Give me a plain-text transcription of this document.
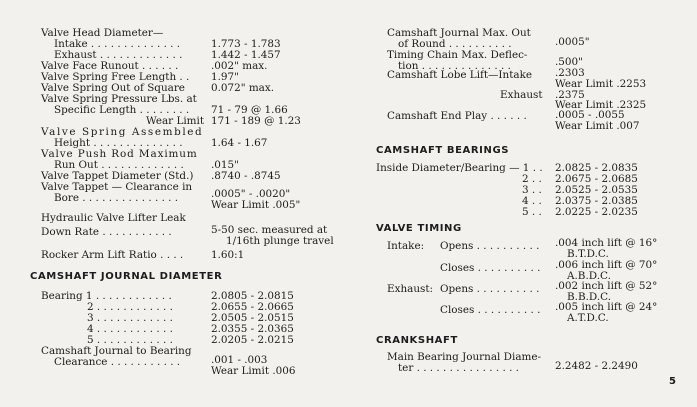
Valve Head Diameter—
Intake . . . . . . . . . . . . . .	1.773 - 1.783
Exhaust . . . . . . . . . . . . .	1.442 - 1.457
Valve Face Runout . . . . . .	.002" max.
Valve Spring Free Length . . 1.97"
Valve Spring Out of Square	0.072" max.
Valve Spring Pressure Lbs. at
Specific Length . . . . . . . . 71 - 79 @ 1.66
Wear Limit 171 - 189 @ 1.23
Valve Spring Assembled
Height . . . . . . . . . . . . . .	1.64 - 1.67
Valve Push Rod Maximum
Run Out . . . . . . . . . . . . .	.015"
Valve Tappet Diameter (Std.) .8740 - .8745
Valve Tappet — Clearance in
Bore . . . . . . . . . . . . . . .	.0005" - .0020"
Wear Limit .005"
Hydraulic Valve Lifter Leak
Down Rate . . . . . . . . . . .	5-50 sec. measured at
1/16th plunge travel
Rocker Arm Lift Ratio . . . .	1.60:1
CAMSHAFT JOURNAL DIAMETER
Bearing 1 . . . . . . . . . . . .	2.0805 - 2.0815
2 . . . . . . . . . . . .	2.0655 - 2.0665
3 . . . . . . . . . . . .	2.0505 - 2.0515
4 . . . . . . . . . . . .	2.0355 - 2.0365
5 . . . . . . . . . . . .	2.0205 - 2.0215
Camshaft Journal to Bearing
Clearance . . . . . . . . . . .	.001 - .003
Wear Limit .006
Camshaft Journal Max. Out
of Round . . . . . . . . . .	.0005"
Timing Chain Max. Deflec-
tion . . . . . . . . . . . . . .	.500"
Camshaft Lobe Lift—Intake .2303
Wear Limit .2253
Exhaust .2375
Wear Limit .2325
Camshaft End Play . . . . . .	.0005 - .0055
Wear Limit .007
CAMSHAFT BEARINGS
Inside Diameter/Bearing — 1 . . 2.0825 - 2.0835
2 . . 2.0675 - 2.0685
3 . . 2.0525 - 2.0535
4 . . 2.0375 - 2.0385
5 . . 2.0225 - 2.0235
VALVE TIMING
Intake: Opens . . . . . . . . . . .004 inch lift @ 16°
B.T.D.C.
Closes . . . . . . . . . . .006 inch lift @ 70°
A.B.D.C.
Exhaust: Opens . . . . . . . . . . .002 inch lift @ 52°
B.B.D.C.
Closes . . . . . . . . . . .005 inch lift @ 24°
A.T.D.C.
CRANKSHAFT
Main Bearing Journal Diame-
ter . . . . . . . . . . . . . . . .	2.2482 - 2.2490
5
